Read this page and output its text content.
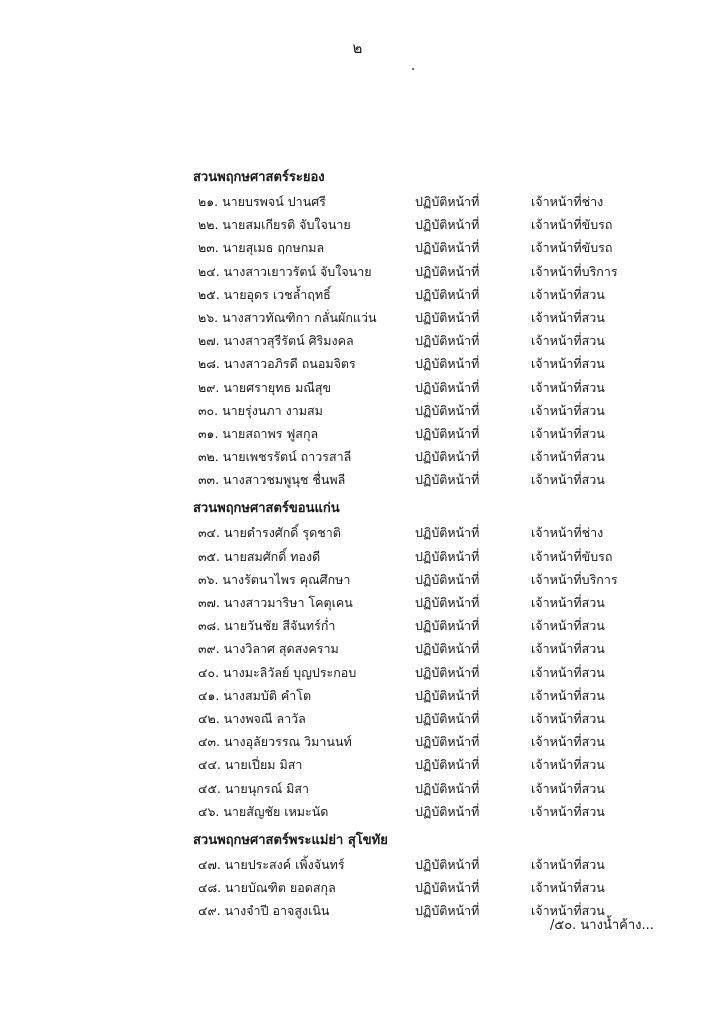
๒
สวนพฤกษศาสตร์ระยอง
๒๑. นายบรพจน์ ปานศรี	ปฏิบัติหน้าที่	เจ้าหน้าที่ช่าง
๒๒. นายสมเกียรติ จับใจนาย	ปฏิบัติหน้าที่	เจ้าหน้าที่ขับรถ
๒๓. นายสุเมธ ฤกษกมล	ปฏิบัติหน้าที่	เจ้าหน้าที่ขับรถ
๒๔. นางสาวเยาวรัตน์ จับใจนาย	ปฏิบัติหน้าที่	เจ้าหน้าที่บริการ
๒๕. นายอุดร เวชล้ำฤทธิ์	ปฏิบัติหน้าที่	เจ้าหน้าที่สวน
๒๖. นางสาวทัณฑิกา กลั่นผักแว่น	ปฏิบัติหน้าที่	เจ้าหน้าที่สวน
๒๗. นางสาวสุรีรัตน์ ศิริมงคล	ปฏิบัติหน้าที่	เจ้าหน้าที่สวน
๒๘. นางสาวอภิรดี ถนอมจิตร	ปฏิบัติหน้าที่	เจ้าหน้าที่สวน
๒๙. นายศรายุทธ มณีสุข	ปฏิบัติหน้าที่	เจ้าหน้าที่สวน
๓๐. นายรุ่งนภา งามสม	ปฏิบัติหน้าที่	เจ้าหน้าที่สวน
๓๑. นายสถาพร ฟูสกุล	ปฏิบัติหน้าที่	เจ้าหน้าที่สวน
๓๒. นายเพชรรัตน์ ถาวรสาลี	ปฏิบัติหน้าที่	เจ้าหน้าที่สวน
๓๓. นางสาวชมพูนุช ชื่นพลี	ปฏิบัติหน้าที่	เจ้าหน้าที่สวน
สวนพฤกษศาสตร์ขอนแก่น
๓๔. นายดำรงศักดิ์ รุดชาติ	ปฏิบัติหน้าที่	เจ้าหน้าที่ช่าง
๓๕. นายสมศักดิ์ ทองดี	ปฏิบัติหน้าที่	เจ้าหน้าที่ขับรถ
๓๖. นางรัตนาไพร คุณศึกษา	ปฏิบัติหน้าที่	เจ้าหน้าที่บริการ
๓๗. นางสาวมาริษา โคตุเคน	ปฏิบัติหน้าที่	เจ้าหน้าที่สวน
๓๘. นายวันชัย สีจันทร์ก่ำ	ปฏิบัติหน้าที่	เจ้าหน้าที่สวน
๓๙. นางวิลาศ สุดสงคราม	ปฏิบัติหน้าที่	เจ้าหน้าที่สวน
๔๐. นางมะลิวัลย์ บุญประกอบ	ปฏิบัติหน้าที่	เจ้าหน้าที่สวน
๔๑. นางสมบัติ คำโต	ปฏิบัติหน้าที่	เจ้าหน้าที่สวน
๔๒. นางพจณี ลาวัล	ปฏิบัติหน้าที่	เจ้าหน้าที่สวน
๔๓. นางอุลัยวรรณ วิมานนท์	ปฏิบัติหน้าที่	เจ้าหน้าที่สวน
๔๔. นายเปี่ยม มิสา	ปฏิบัติหน้าที่	เจ้าหน้าที่สวน
๔๕. นายนุกรณ์ มิสา	ปฏิบัติหน้าที่	เจ้าหน้าที่สวน
๔๖. นายสัญชัย เหมะนัด	ปฏิบัติหน้าที่	เจ้าหน้าที่สวน
สวนพฤกษศาสตร์พระแม่ย่า สุโขทัย
๔๗. นายประสงค์ เพิ้งจันทร์	ปฏิบัติหน้าที่	เจ้าหน้าที่สวน
๔๘. นายบัณฑิต ยอดสกุล	ปฏิบัติหน้าที่	เจ้าหน้าที่สวน
๔๙. นางจำปี อาจสูงเนิน	ปฏิบัติหน้าที่	เจ้าหน้าที่สวน
/๕๐. นางน้ำค้าง...
